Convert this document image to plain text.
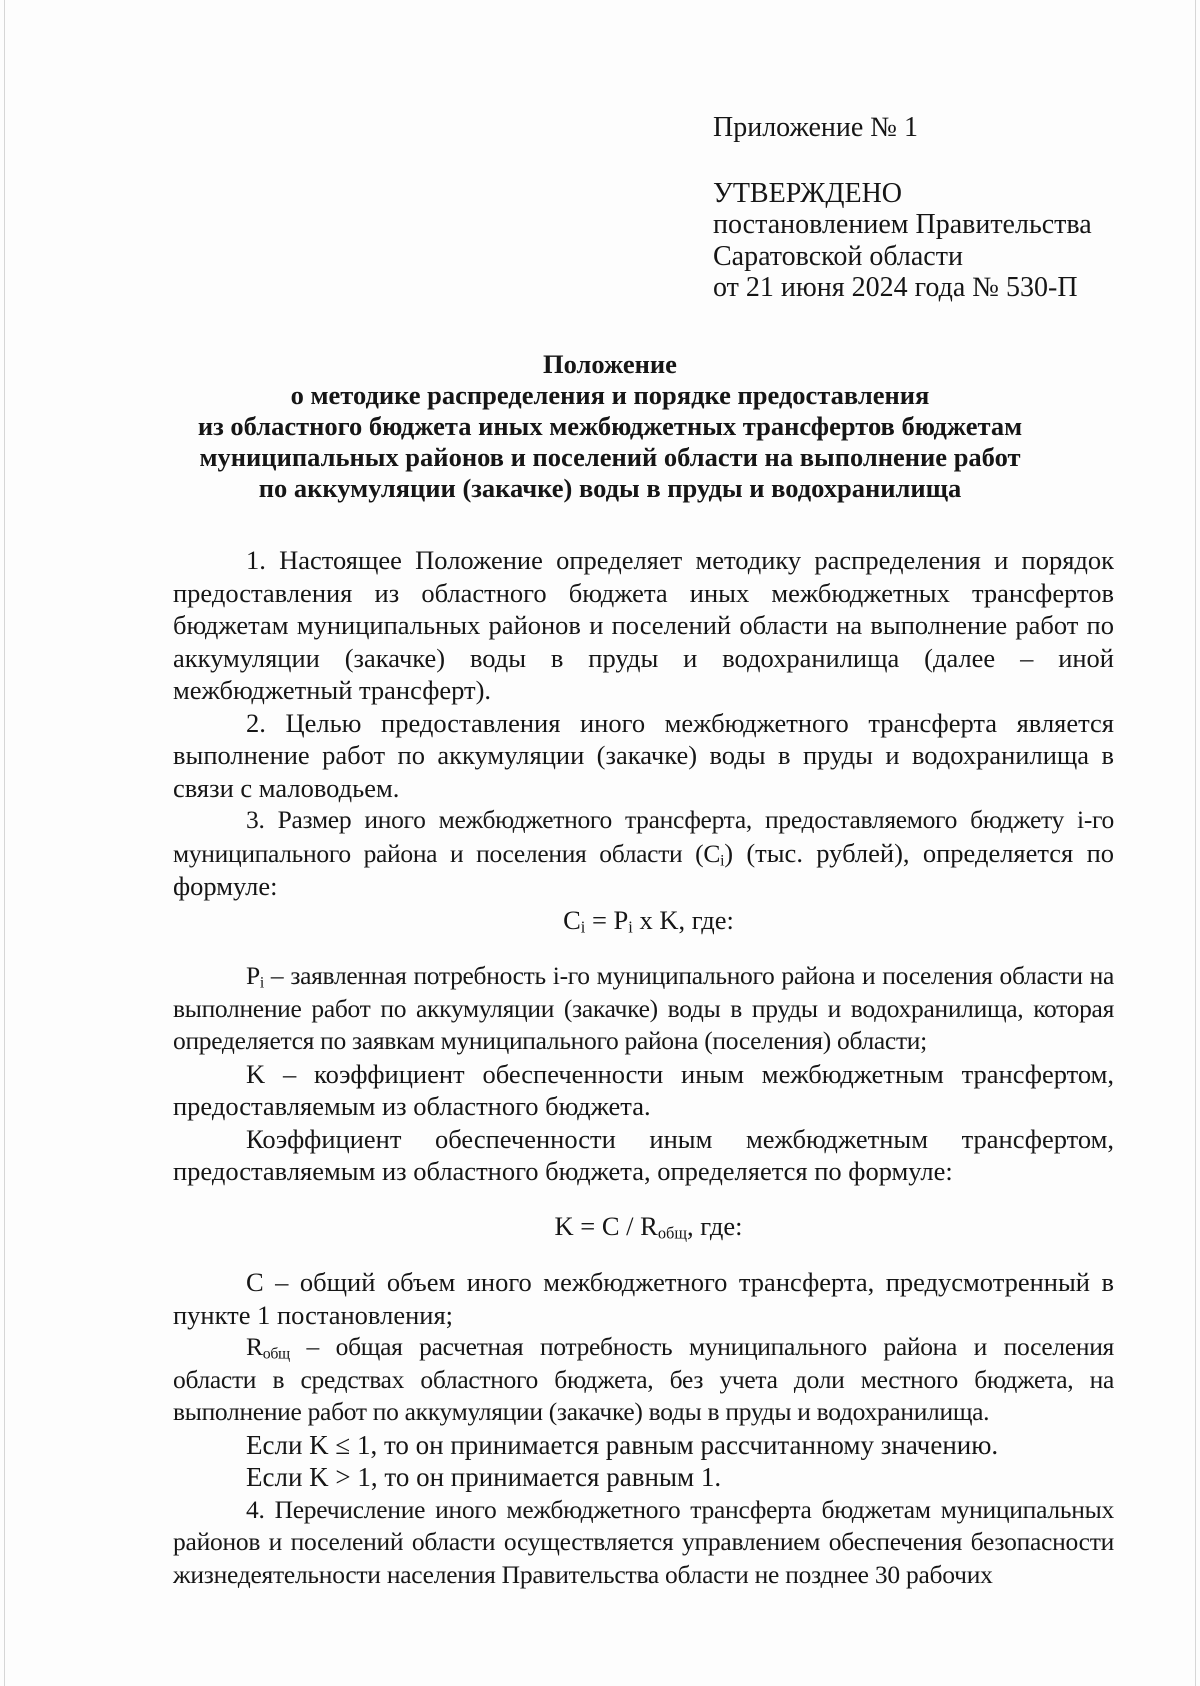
Приложение № 1
УТВЕРЖДЕНО
постановлением Правительства
Саратовской области
от 21 июня 2024 года № 530-П
Положение
о методике распределения и порядке предоставления
из областного бюджета иных межбюджетных трансфертов бюджетам
муниципальных районов и поселений области на выполнение работ
по аккумуляции (закачке) воды в пруды и водохранилища

1. Настоящее Положение определяет методику распределения и порядок предоставления из областного бюджета иных межбюджетных трансфертов бюджетам муниципальных районов и поселений области на выполнение работ по аккумуляции (закачке) воды в пруды и водохранилища (далее – иной межбюджетный трансферт).

2. Целью предоставления иного межбюджетного трансферта является выполнение работ по аккумуляции (закачке) воды в пруды и водохранилища в связи с маловодьем.

3. Размер иного межбюджетного трансферта, предоставляемого бюджету i-го муниципального района и поселения области $(C_i)$ (тыс. рублей), определяется по формуле:

$C_i = P_i$ x K, где:

$P_i$ – заявленная потребность i-го муниципального района и поселения области на выполнение работ по аккумуляции (закачке) воды в пруды и водохранилища, которая определяется по заявкам муниципального района (поселения) области;

K – коэффициент обеспеченности иным межбюджетным трансфертом, предоставляемым из областного бюджета.

Коэффициент обеспеченности иным межбюджетным трансфертом, предоставляемым из областного бюджета, определяется по формуле:

$K = C / R_{общ}$, где:

C – общий объем иного межбюджетного трансферта, предусмотренный в пункте 1 постановления;

$R_{общ}$ – общая расчетная потребность муниципального района и поселения области в средствах областного бюджета, без учета доли местного бюджета, на выполнение работ по аккумуляции (закачке) воды в пруды и водохранилища.

Если K ≤ 1, то он принимается равным рассчитанному значению.

Если K > 1, то он принимается равным 1.

4. Перечисление иного межбюджетного трансферта бюджетам муниципальных районов и поселений области осуществляется управлением обеспечения безопасности жизнедеятельности населения Правительства области не позднее 30 рабочих
